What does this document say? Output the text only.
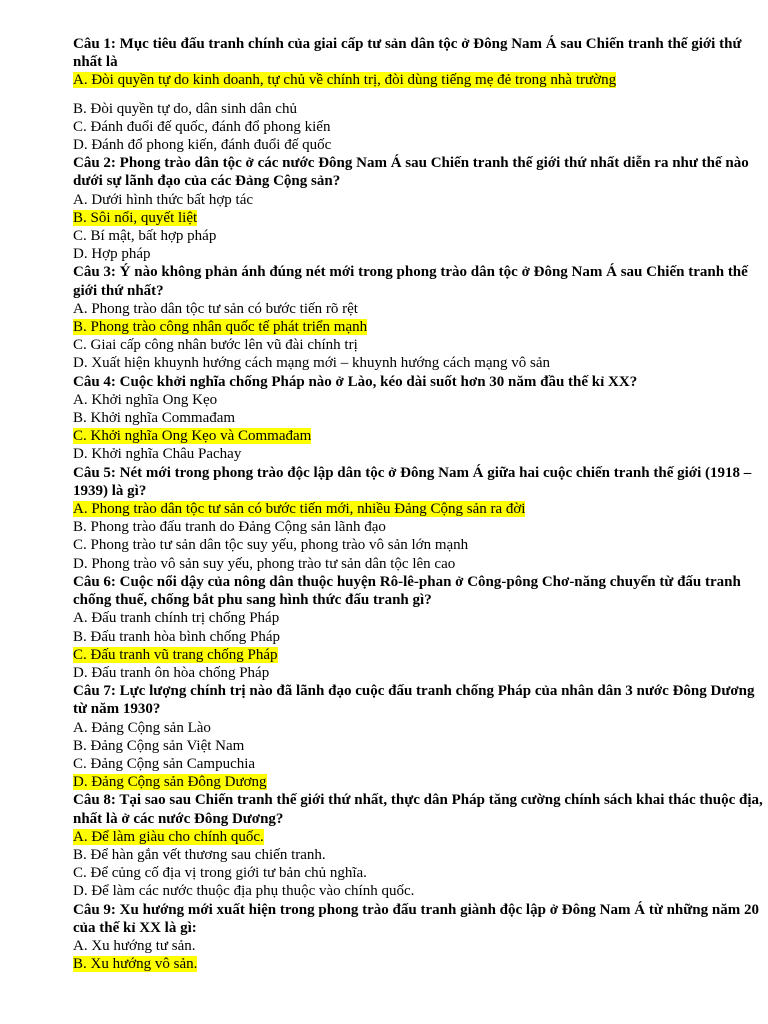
Câu 1: Mục tiêu đấu tranh chính của giai cấp tư sản dân tộc ở Đông Nam Á sau Chiến tranh thế giới thứ nhất là

A. Đòi quyền tự do kinh doanh, tự chủ về chính trị, đòi dùng tiếng mẹ đẻ trong nhà trường

B. Đòi quyền tự do, dân sinh dân chủ

C. Đánh đuổi đế quốc, đánh đổ phong kiến

D. Đánh đổ phong kiến, đánh đuổi đế quốc

Câu 2: Phong trào dân tộc ở các nước Đông Nam Á sau Chiến tranh thế giới thứ nhất diễn ra như thế nào dưới sự lãnh đạo của các Đảng Cộng sản?

A. Dưới hình thức bất hợp tác

B. Sôi nổi, quyết liệt

C. Bí mật, bất hợp pháp

D. Hợp pháp

Câu 3: Ý nào không phản ánh đúng nét mới trong phong trào dân tộc ở Đông Nam Á sau Chiến tranh thế giới thứ nhất?

A. Phong trào dân tộc tư sản có bước tiến rõ rệt

B. Phong trào công nhân quốc tế phát triển mạnh

C. Giai cấp công nhân bước lên vũ đài chính trị

D. Xuất hiện khuynh hướng cách mạng mới – khuynh hướng cách mạng vô sản

Câu 4: Cuộc khởi nghĩa chống Pháp nào ở Lào, kéo dài suốt hơn 30 năm đầu thế kỉ XX?

A. Khởi nghĩa Ong Kẹo

B. Khởi nghĩa Commađam

C. Khởi nghĩa Ong Kẹo và Commađam

D. Khởi nghĩa Châu Pachay

Câu 5: Nét mới trong phong trào độc lập dân tộc ở Đông Nam Á giữa hai cuộc chiến tranh thế giới (1918 – 1939) là gì?

A. Phong trào dân tộc tư sản có bước tiến mới, nhiều Đảng Cộng sản ra đời

B. Phong trào đấu tranh do Đảng Cộng sản lãnh đạo

C. Phong trào tư sản dân tộc suy yếu, phong trào vô sản lớn mạnh

D. Phong trào vô sản suy yếu, phong trào tư sản dân tộc lên cao

Câu 6: Cuộc nổi dậy của nông dân thuộc huyện Rô-lê-phan ở Công-pông Chơ-năng chuyển từ đấu tranh chống thuế, chống bắt phu sang hình thức đấu tranh gì?

A. Đấu tranh chính trị chống Pháp

B. Đấu tranh hòa bình chống Pháp

C. Đấu tranh vũ trang chống Pháp

D. Đấu tranh ôn hòa chống Pháp

Câu 7: Lực lượng chính trị nào đã lãnh đạo cuộc đấu tranh chống Pháp của nhân dân 3 nước Đông Dương từ năm 1930?

A. Đảng Cộng sản Lào

B. Đảng Cộng sản Việt Nam

C. Đảng Cộng sản Campuchia

D. Đảng Cộng sản Đông Dương

Câu 8: Tại sao sau Chiến tranh thế giới thứ nhất, thực dân Pháp tăng cường chính sách khai thác thuộc địa, nhất là ở các nước Đông Dương?

A. Để làm giàu cho chính quốc.

B. Để hàn gắn vết thương sau chiến tranh.

C. Để củng cố địa vị trong giới tư bản chủ nghĩa.

D. Để làm các nước thuộc địa phụ thuộc vào chính quốc.

Câu 9: Xu hướng mới xuất hiện trong phong trào đấu tranh giành độc lập ở Đông Nam Á từ những năm 20 của thế kỉ XX là gì:

A. Xu hướng tư sản.

B. Xu hướng vô sản.
